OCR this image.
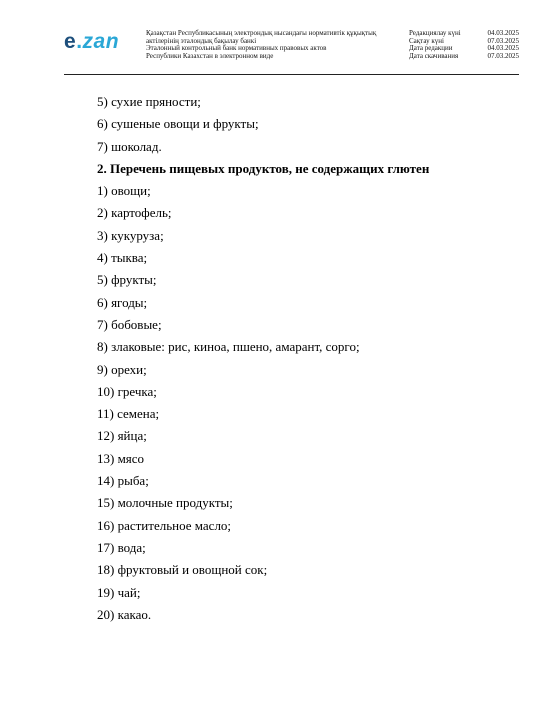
e.zan	Қазақстан Республикасының электрондық нысандағы нормативтік құқықтық
актілерінің эталондық бақылау банкі
Эталонный контрольный банк нормативных правовых актов
Республики Казахстан в электронном виде
Редакциялау күні	04.03.2025
Сақтау күні	07.03.2025
Дата редакции	04.03.2025
Дата скачивания	07.03.2025
5) сухие пряности;
6) сушеные овощи и фрукты;
7) шоколад.
2. Перечень пищевых продуктов, не содержащих глютен
1) овощи;
2) картофель;
3) кукуруза;
4) тыква;
5) фрукты;
6) ягоды;
7) бобовые;
8) злаковые: рис, киноа, пшено, амарант, сорго;
9) орехи;
10) гречка;
11) семена;
12) яйца;
13) мясо
14) рыба;
15) молочные продукты;
16) растительное масло;
17) вода;
18) фруктовый и овощной сок;
19) чай;
20) какао.
